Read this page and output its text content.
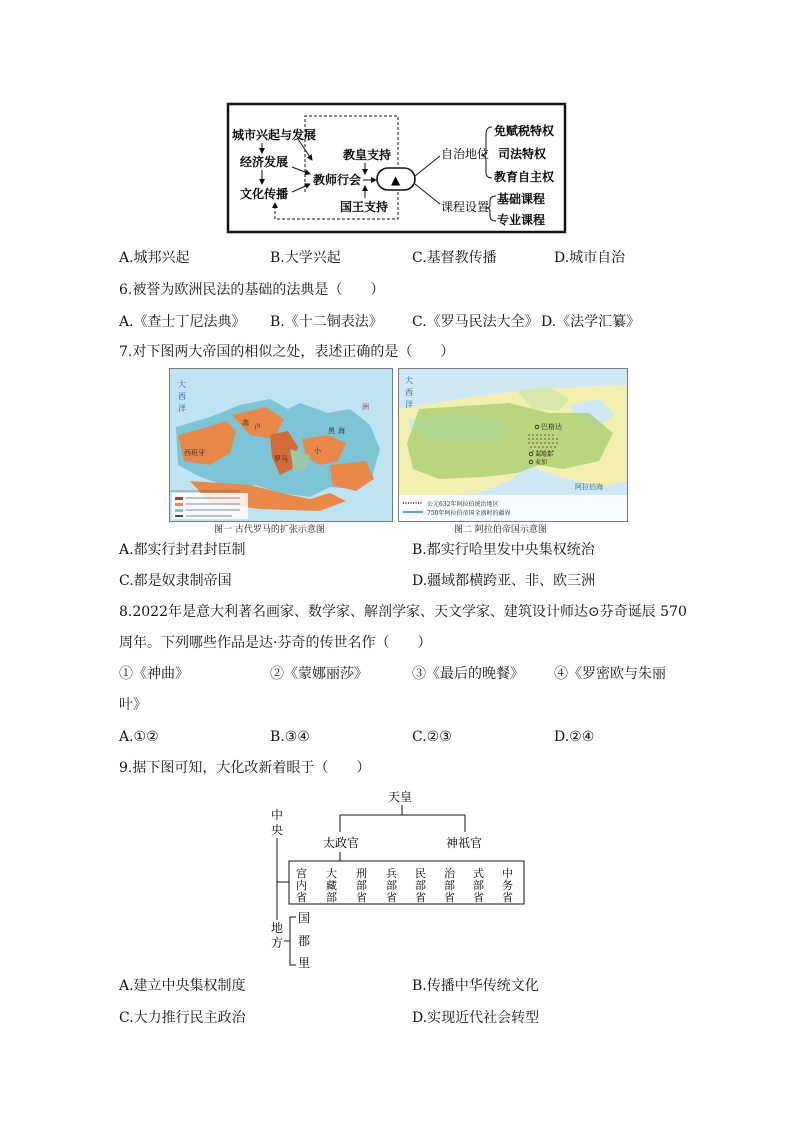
城市兴起与发展
经济发展
文化传播
教师行会
教皇支持
国王支持
▲
自治地位
课程设置
免赋税特权
司法特权
教育自主权
基础课程
专业课程
A.城邦兴起	B.大学兴起	C.基督教传播	D.城市自治
6.被誉为欧洲民法的基础的法典是（　　）
A.《查士丁尼法典》 B.《十二铜表法》 C.《罗马民法大全》 D.《法学汇纂》
7.对下图两大帝国的相似之处，表述正确的是（　　）
大
西
洋
高 卢
西班牙
罗马
小
黑 海
洲
图一 古代罗马的扩张示意图
公元632年阿拉伯统治地区
750年阿拉伯帝国全盛时的疆界
大
西
洋
巴格达
麦地那
麦加
阿拉伯海
图二 阿拉伯帝国示意图
A.都实行封君封臣制	B.都实行哈里发中央集权统治
C.都是奴隶制帝国	D.疆域都横跨亚、非、欧三洲
8.2022年是意大利著名画家、数学家、解剖学家、天文学家、建筑设计师达⊙芬奇诞辰 570
周年。下列哪些作品是达·芬奇的传世名作（　　）
①《神曲》	②《蒙娜丽莎》	③《最后的晚餐》 ④《罗密欧与朱丽
叶》
A.①②	B.③④	C.②③	D.②④
9.据下图可知，大化改新着眼于（　　）
天皇
太政官	神祇官
中
央
地
方
宫
内
省
大
藏
部
刑
部
省
兵
部
省
民
部
省
治
部
省
式
部
省
中
务
省
国
郡
里
A.建立中央集权制度	B.传播中华传统文化
C.大力推行民主政治	D.实现近代社会转型
